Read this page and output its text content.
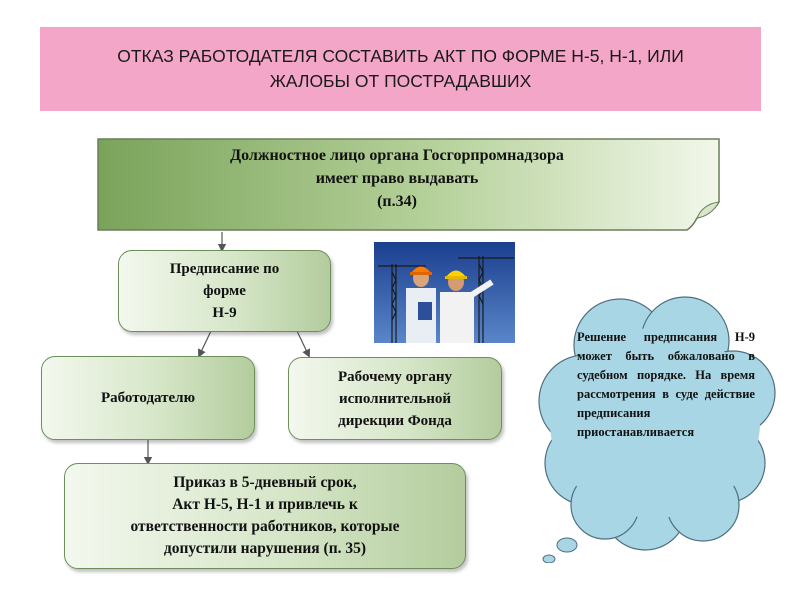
ОТКАЗ РАБОТОДАТЕЛЯ СОСТАВИТЬ АКТ ПО ФОРМЕ Н-5, Н-1, ИЛИ
ЖАЛОБЫ ОТ ПОСТРАДАВШИХ
Должностное лицо органа Госгорпромнадзора
имеет право выдавать
(п.34)
Предписание по
форме
Н-9
Работодателю
Рабочему органу
исполнительной
дирекции Фонда
Приказ в 5-дневный срок,
Акт Н-5, Н-1 и привлечь к
ответственности работников, которые
допустили нарушения (п. 35)
Решение предписания Н-9 может быть обжаловано в судебном порядке. На время рассмотрения в суде действие предписания приостанавливается
